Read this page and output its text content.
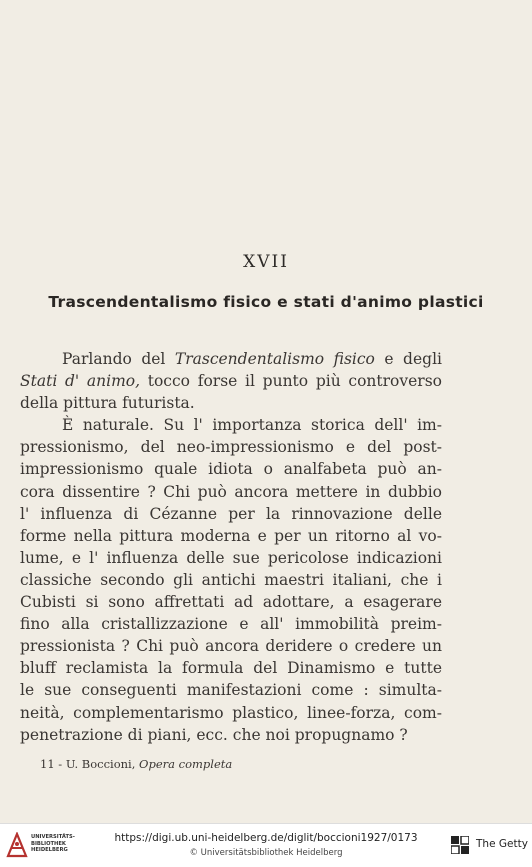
XVII
Trascendentalismo fisico e stati d'animo plastici
Parlando del Trascendentalismo fisico e degli
Stati d' animo, tocco forse il punto più controverso
della pittura futurista.
È naturale. Su l' importanza storica dell' im-
pressionismo, del neo-impressionismo e del post-
impressionismo quale idiota o analfabeta può an-
cora dissentire ? Chi può ancora mettere in dubbio
l' influenza di Cézanne per la rinnovazione delle
forme nella pittura moderna e per un ritorno al vo-
lume, e l' influenza delle sue pericolose indicazioni
classiche secondo gli antichi maestri italiani, che i
Cubisti si sono affrettati ad adottare, a esagerare
fino alla cristallizzazione e all' immobilità preim-
pressionista ? Chi può ancora deridere o credere un
bluff reclamista la formula del Dinamismo e tutte
le sue conseguenti manifestazioni come : simulta-
neità, complementarismo plastico, linee-forza, com-
penetrazione di piani, ecc. che noi propugnamo ?
11 - U. Boccioni, Opera completa
UNIVERSITÄTS-
BIBLIOTHEK
HEIDELBERG
https://digi.ub.uni-heidelberg.de/diglit/boccioni1927/0173
© Universitätsbibliothek Heidelberg
The Getty
